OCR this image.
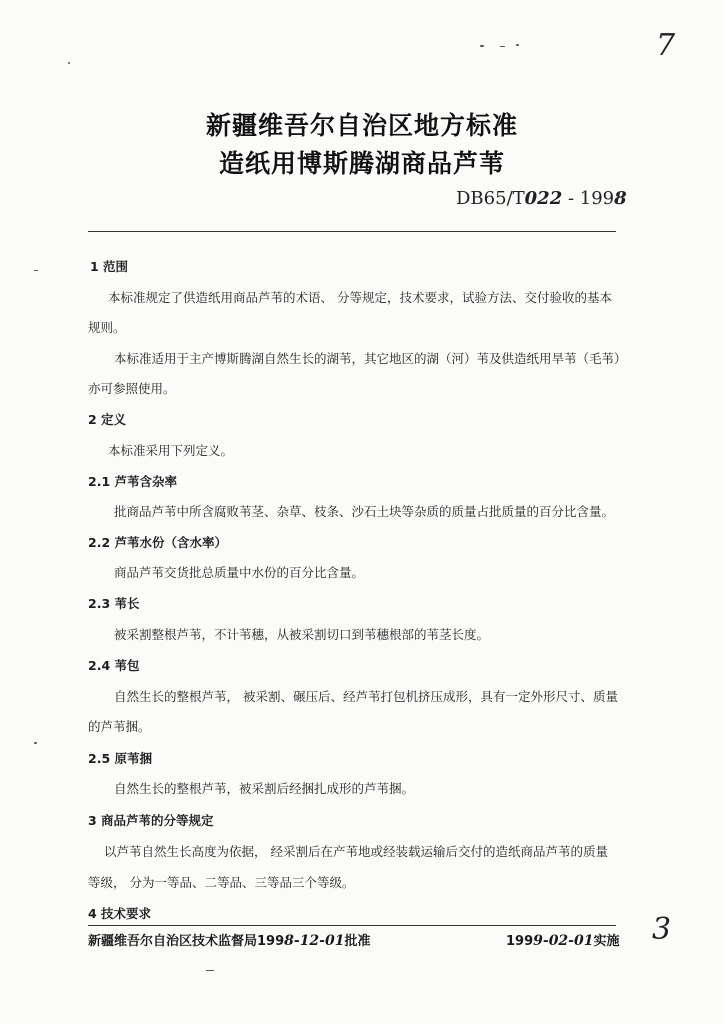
7
3
新疆维吾尔自治区地方标准
造纸用博斯腾湖商品芦苇
DB65/T022 - 1998
1 范围
本标准规定了供造纸用商品芦苇的术语、 分等规定，技术要求，试验方法、交付验收的基本
规则。
本标准适用于主产博斯腾湖自然生长的湖苇，其它地区的湖（河）苇及供造纸用旱苇（毛苇）
亦可参照使用。
2 定义
本标准采用下列定义。
2.1 芦苇含杂率
批商品芦苇中所含腐败苇茎、杂草、枝条、沙石土块等杂质的质量占批质量的百分比含量。
2.2 芦苇水份（含水率）
商品芦苇交货批总质量中水份的百分比含量。
2.3 苇长
被采割整根芦苇，不计苇穗，从被采割切口到苇穗根部的苇茎长度。
2.4 苇包
自然生长的整根芦苇， 被采割、碾压后、经芦苇打包机挤压成形，具有一定外形尺寸、质量
的芦苇捆。
2.5 原苇捆
自然生长的整根芦苇，被采割后经捆扎成形的芦苇捆。
3 商品芦苇的分等规定
以芦苇自然生长高度为依据， 经采割后在产苇地或经装载运输后交付的造纸商品芦苇的质量
等级， 分为一等品、二等品、三等品三个等级。
4 技术要求
新疆维吾尔自治区技术监督局1998-12-01批准	1999-02-01实施
